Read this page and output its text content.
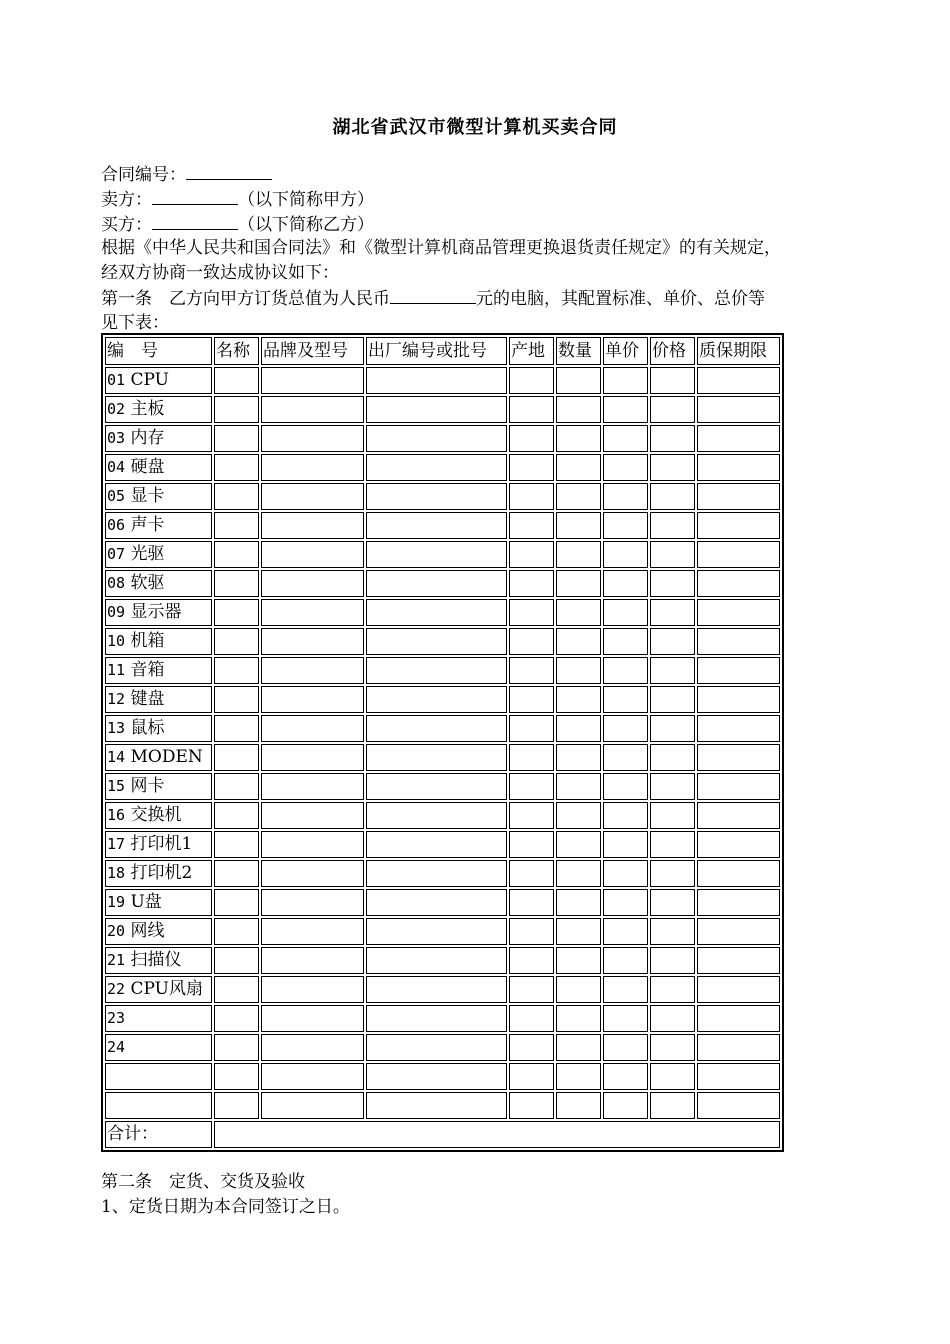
湖北省武汉市微型计算机买卖合同
合同编号：
卖方：	（以下简称甲方）
买方：	（以下简称乙方）
根据《中华人民共和国合同法》和《微型计算机商品管理更换退货责任规定》的有关规定，
经双方协商一致达成协议如下：
第一条　乙方向甲方订货总值为人民币	元的电脑，其配置标准、单价、总价等
见下表：
编　号	名称	品牌及型号	出厂编号或批号	产地	数量	单价	价格	质保期限
01 CPU								
02 主板								
03 内存								
04 硬盘								
05 显卡								
06 声卡								
07 光驱								
08 软驱								
09 显示器								
10 机箱								
11 音箱								
12 键盘								
13 鼠标								
14 MODEN								
15 网卡								
16 交换机								
17 打印机1								
18 打印机2								
19 U盘								
20 网线								
21 扫描仪								
22 CPU风扇								
23								
24								

合计：								
第二条　定货、交货及验收
1、定货日期为本合同签订之日。
